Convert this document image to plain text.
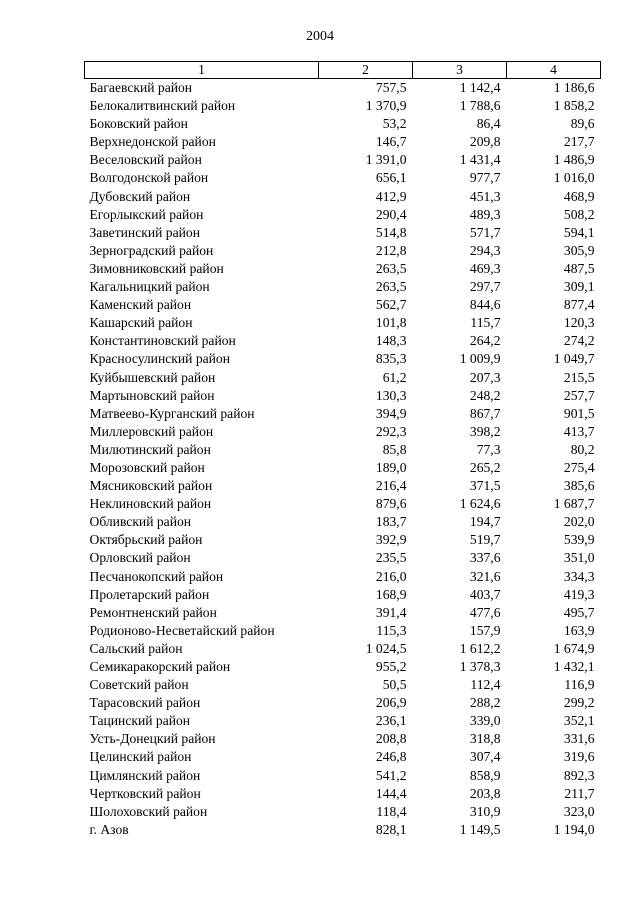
2004
1	2	3	4
Багаевский район	757,5	1 142,4	1 186,6
Белокалитвинский район	1 370,9	1 788,6	1 858,2
Боковский район	53,2	86,4	89,6
Верхнедонской район	146,7	209,8	217,7
Веселовский район	1 391,0	1 431,4	1 486,9
Волгодонской район	656,1	977,7	1 016,0
Дубовский район	412,9	451,3	468,9
Егорлыкский район	290,4	489,3	508,2
Заветинский район	514,8	571,7	594,1
Зерноградский район	212,8	294,3	305,9
Зимовниковский район	263,5	469,3	487,5
Кагальницкий район	263,5	297,7	309,1
Каменский район	562,7	844,6	877,4
Кашарский район	101,8	115,7	120,3
Константиновский район	148,3	264,2	274,2
Красносулинский район	835,3	1 009,9	1 049,7
Куйбышевский район	61,2	207,3	215,5
Мартыновский район	130,3	248,2	257,7
Матвеево-Курганский район	394,9	867,7	901,5
Миллеровский район	292,3	398,2	413,7
Милютинский район	85,8	77,3	80,2
Морозовский район	189,0	265,2	275,4
Мясниковский район	216,4	371,5	385,6
Неклиновский район	879,6	1 624,6	1 687,7
Обливский район	183,7	194,7	202,0
Октябрьский район	392,9	519,7	539,9
Орловский район	235,5	337,6	351,0
Песчанокопский район	216,0	321,6	334,3
Пролетарский район	168,9	403,7	419,3
Ремонтненский район	391,4	477,6	495,7
Родионово-Несветайский район	115,3	157,9	163,9
Сальский район	1 024,5	1 612,2	1 674,9
Семикаракорский район	955,2	1 378,3	1 432,1
Советский район	50,5	112,4	116,9
Тарасовский район	206,9	288,2	299,2
Тацинский район	236,1	339,0	352,1
Усть-Донецкий район	208,8	318,8	331,6
Целинский район	246,8	307,4	319,6
Цимлянский район	541,2	858,9	892,3
Чертковский район	144,4	203,8	211,7
Шолоховский район	118,4	310,9	323,0
г. Азов	828,1	1 149,5	1 194,0
